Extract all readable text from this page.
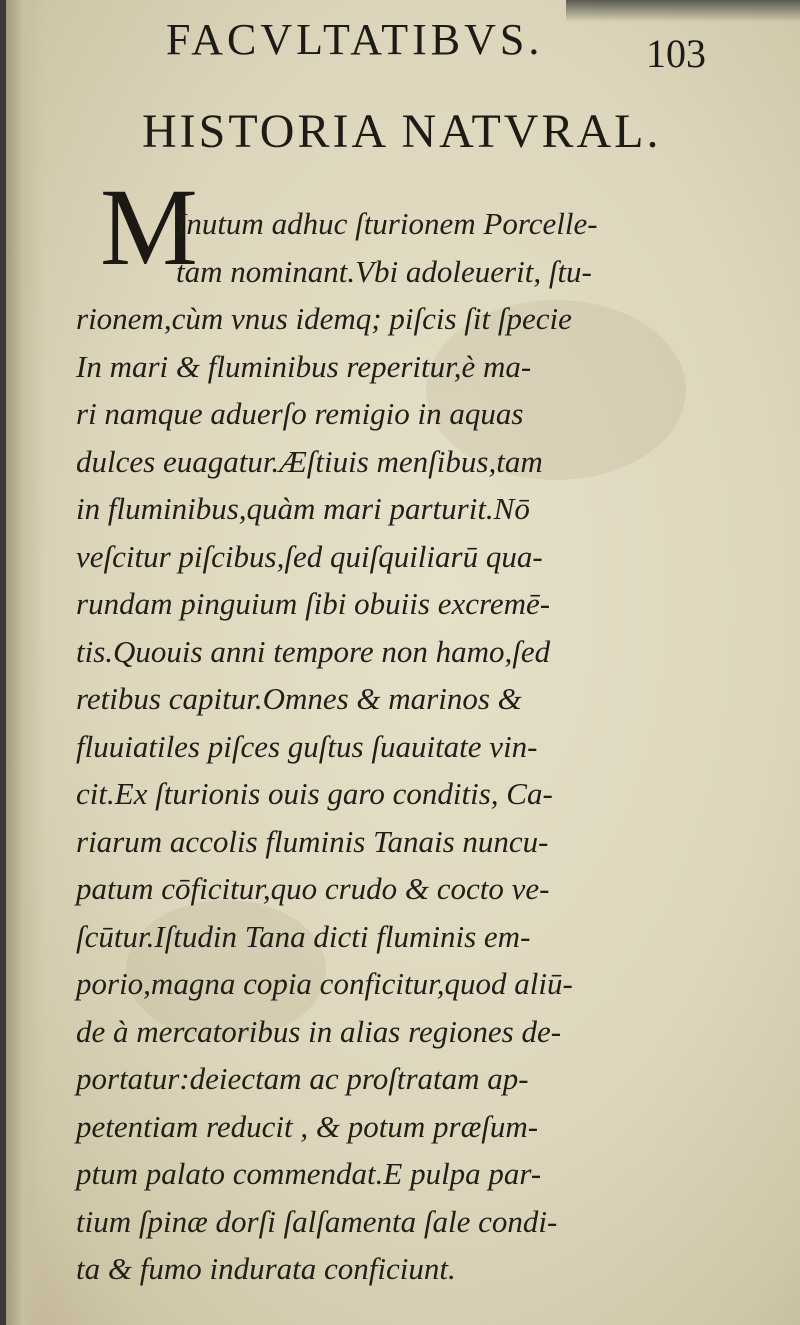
FACVLTATIBVS.	103
HISTORIA NATVRAL.
M
Inutum adhuc ſturionem Porcelle-
tam nominant.Vbi adoleuerit, ſtu-
rionem,cùm vnus idemq; piſcis ſit ſpecie
In mari & fluminibus reperitur,è ma-
ri namque aduerſo remigio in aquas
dulces euagatur.Æſtiuis menſibus,tam
in fluminibus,quàm mari parturit.Nō
veſcitur piſcibus,ſed quiſquiliarū qua-
rundam pinguium ſibi obuiis excremē-
tis.Quouis anni tempore non hamo,ſed
retibus capitur.Omnes & marinos &
fluuiatiles piſces guſtus ſuauitate vin-
cit.Ex ſturionis ouis garo conditis, Ca-
riarum accolis fluminis Tanais nuncu-
patum cōficitur,quo crudo & cocto ve-
ſcūtur.Iſtudin Tana dicti fluminis em-
porio,magna copia conficitur,quod aliū-
de à mercatoribus in alias regiones de-
portatur:deiectam ac proſtratam ap-
petentiam reducit , & potum præſum-
ptum palato commendat.E pulpa par-
tium ſpinæ dorſi ſalſamenta ſale condi-
ta & fumo indurata conficiunt.
